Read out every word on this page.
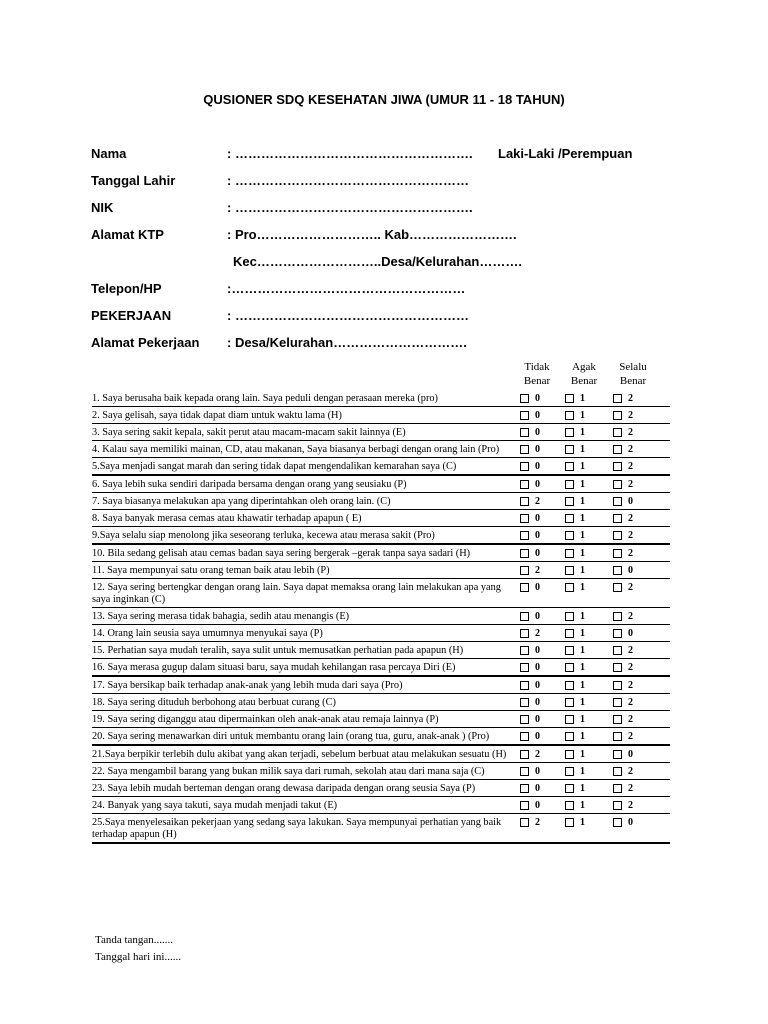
QUSIONER SDQ KESEHATAN JIWA (UMUR 11 - 18 TAHUN)
Laki-Laki /Perempuan
Nama	: ……………………………………………….
Tanggal Lahir	: ………………………………………………
NIK	: ……………………………………………….
Alamat KTP	: Pro……………………….. Kab…………………….
Kec………………………..Desa/Kelurahan……….
Telepon/HP	:………………………………………………
PEKERJAAN	: ………………………………………………
Alamat Pekerjaan : Desa/Kelurahan………………………….
Tidak Benar
Agak Benar
Selalu Benar
1. Saya berusaha baik kepada orang lain. Saya peduli dengan perasaan mereka (pro)	0	1	2
2. Saya gelisah, saya tidak dapat diam untuk waktu lama (H)	0	1	2
3. Saya sering sakit kepala, sakit perut atau macam-macam sakit lainnya (E)	0	1	2
4. Kalau saya memiliki mainan, CD, atau makanan, Saya biasanya berbagi dengan orang lain (Pro)	0	1	2
5.Saya menjadi sangat marah dan sering tidak dapat mengendalikan kemarahan saya (C)	0	1	2
6. Saya lebih suka sendiri daripada bersama dengan orang yang seusiaku (P)	0	1	2
7. Saya biasanya melakukan apa yang diperintahkan oleh orang lain. (C)	2	1	0
8. Saya banyak merasa cemas atau khawatir terhadap apapun ( E)	0	1	2
9.Saya selalu siap menolong jika seseorang terluka, kecewa atau merasa sakit (Pro)	0	1	2
10. Bila sedang gelisah atau cemas badan saya sering bergerak –gerak tanpa saya sadari (H)	0	1	2
11. Saya mempunyai satu orang teman baik atau lebih (P)	2	1	0
12. Saya sering bertengkar dengan orang lain. Saya dapat memaksa orang lain melakukan apa yang saya inginkan (C)
0	1	2
13. Saya sering merasa tidak bahagia, sedih atau menangis (E)	0	1	2
14. Orang lain seusia saya umumnya menyukai saya (P)	2	1	0
15. Perhatian saya mudah teralih, saya sulit untuk memusatkan perhatian pada apapun (H)	0	1	2
16. Saya merasa gugup dalam situasi baru, saya mudah kehilangan rasa percaya Diri (E)	0	1	2
17. Saya bersikap baik terhadap anak-anak yang lebih muda dari saya (Pro)	0	1	2
18. Saya sering dituduh berbohong atau berbuat curang (C)	0	1	2
19. Saya sering diganggu atau dipermainkan oleh anak-anak atau remaja lainnya (P)	0	1	2
20. Saya sering menawarkan diri untuk membantu orang lain (orang tua, guru, anak-anak ) (Pro)	0	1	2
21.Saya berpikir terlebih dulu akibat yang akan terjadi, sebelum berbuat atau melakukan sesuatu (H)	2	1	0
22. Saya mengambil barang yang bukan milik saya dari rumah, sekolah atau dari mana saja (C)	0	1	2
23. Saya lebih mudah berteman dengan orang dewasa daripada dengan orang seusia Saya (P)	0	1	2
24. Banyak yang saya takuti, saya mudah menjadi takut (E)	0	1	2
25.Saya menyelesaikan pekerjaan yang sedang saya lakukan. Saya mempunyai perhatian yang baik terhadap apapun (H)
2	1	0
Tanda tangan.......
Tanggal hari ini......
